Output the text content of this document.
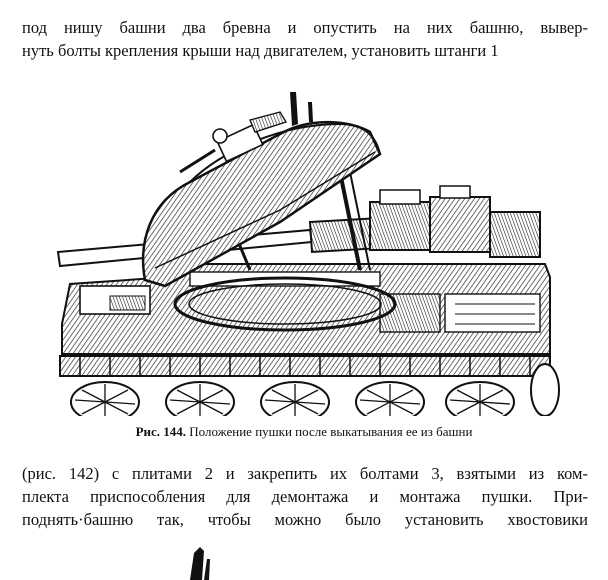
под нишу башни два бревна и опустить на них башню, вывер-
нуть болты крепления крыши над двигателем, установить штанги 1
Рис. 144. Положение пушки после выкатывания ее из башни
(рис. 142) с плитами 2 и закрепить их болтами 3, взятыми из ком-
плекта приспособления для демонтажа и монтажа пушки. При-
поднять·башню так, чтобы можно было установить хвостовики
